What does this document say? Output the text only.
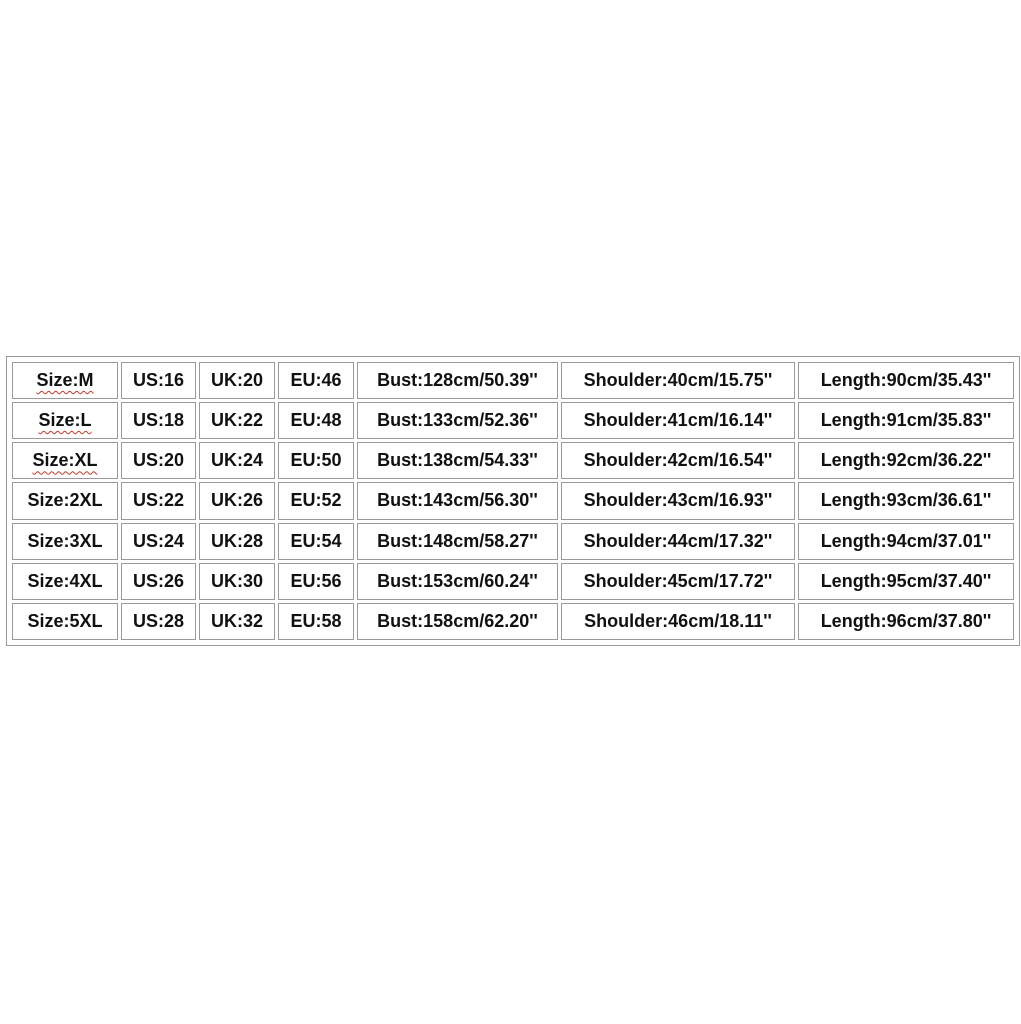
Size:M	US:16	UK:20	EU:46	Bust:128cm/50.39''	Shoulder:40cm/15.75''	Length:90cm/35.43''
Size:L	US:18	UK:22	EU:48	Bust:133cm/52.36''	Shoulder:41cm/16.14''	Length:91cm/35.83''
Size:XL	US:20	UK:24	EU:50	Bust:138cm/54.33''	Shoulder:42cm/16.54''	Length:92cm/36.22''
Size:2XL	US:22	UK:26	EU:52	Bust:143cm/56.30''	Shoulder:43cm/16.93''	Length:93cm/36.61''
Size:3XL	US:24	UK:28	EU:54	Bust:148cm/58.27''	Shoulder:44cm/17.32''	Length:94cm/37.01''
Size:4XL	US:26	UK:30	EU:56	Bust:153cm/60.24''	Shoulder:45cm/17.72''	Length:95cm/37.40''
Size:5XL	US:28	UK:32	EU:58	Bust:158cm/62.20''	Shoulder:46cm/18.11''	Length:96cm/37.80''
